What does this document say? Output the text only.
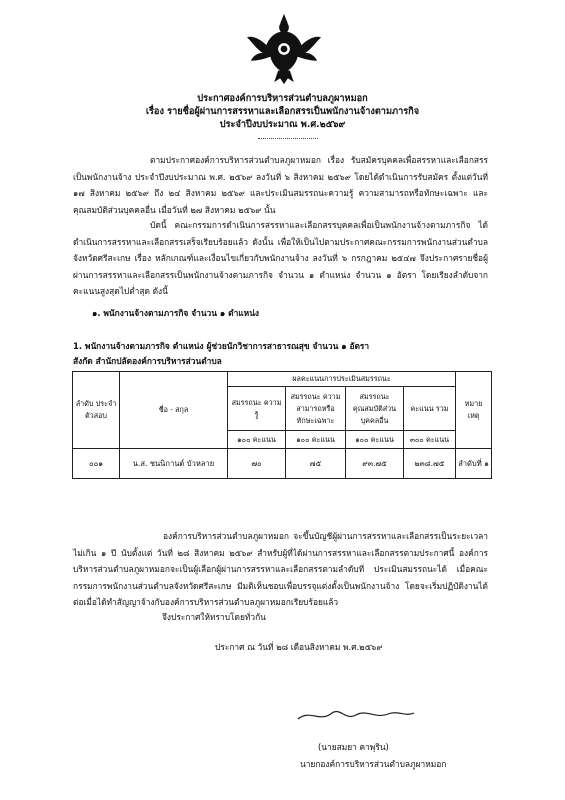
ประกาศองค์การบริหารส่วนตำบลภูผาหมอก
เรื่อง รายชื่อผู้ผ่านการสรรหาและเลือกสรรเป็นพนักงานจ้างตามภารกิจ
ประจำปีงบประมาณ พ.ศ.๒๕๖๙
ตามประกาศองค์การบริหารส่วนตำบลภูผาหมอก เรื่อง รับสมัครบุคคลเพื่อสรรหาและเลือกสรรเป็นพนักงานจ้าง ประจำปีงบประมาณ พ.ศ. ๒๕๖๙ ลงวันที่ ๖ สิงหาคม ๒๕๖๙ โดยได้ดำเนินการรับสมัคร ตั้งแต่วันที่ ๑๗ สิงหาคม ๒๕๖๙ ถึง ๒๔ สิงหาคม ๒๕๖๙ และประเมินสมรรถนะความรู้ ความสามารถหรือทักษะเฉพาะ และคุณสมบัติส่วนบุคคลอื่น เมื่อวันที่ ๒๗ สิงหาคม ๒๕๖๙ นั้น
บัดนี้ คณะกรรมการดำเนินการสรรหาและเลือกสรรบุคคลเพื่อเป็นพนักงานจ้างตามภารกิจ ได้ดำเนินการสรรหาและเลือกสรรเสร็จเรียบร้อยแล้ว ดังนั้น เพื่อให้เป็นไปตามประกาศคณะกรรมการพนักงานส่วนตำบลจังหวัดศรีสะเกษ เรื่อง หลักเกณฑ์และเงื่อนไขเกี่ยวกับพนักงานจ้าง ลงวันที่ ๖ กรกฎาคม ๒๕๔๗ จึงประกาศรายชื่อผู้ผ่านการสรรหาและเลือกสรรเป็นพนักงานจ้างตามภารกิจ จำนวน ๑ ตำแหน่ง จำนวน ๑ อัตรา โดยเรียงลำดับจากคะแนนสูงสุดไปต่ำสุด ดังนี้
๑. พนักงานจ้างตามภารกิจ จำนวน ๑ ตำแหน่ง
1. พนักงานจ้างตามภารกิจ ตำแหน่ง ผู้ช่วยนักวิชาการสาธารณสุข จำนวน ๑ อัตรา
สังกัด สำนักปลัดองค์การบริหารส่วนตำบล
ลำดับ ประจำตัวสอบ	ชื่อ - สกุล	ผลคะแนนการประเมินสมรรถนะ				หมาย เหตุ
		สมรรถนะ ความรู้	สมรรถนะ ความสามารถหรือ ทักษะเฉพาะ	สมรรถนะ คุณสมบัติส่วน บุคคลอื่น	คะแนน รวม	
		๑๐๐ คะแนน	๑๐๐ คะแนน	๑๐๐ คะแนน	๓๐๐ คะแนน	
๐๐๑	น.ส. ชนนิกานต์ บัวหลาย	๗๐	๗๕	๙๓.๗๕	๒๓๘.๗๕	ลำดับที่ ๑
องค์การบริหารส่วนตำบลภูผาหมอก จะขึ้นบัญชีผู้ผ่านการสรรหาและเลือกสรรเป็นระยะเวลาไม่เกิน ๑ ปี นับตั้งแต่ วันที่ ๒๘ สิงหาคม ๒๕๖๙ สำหรับผู้ที่ได้ผ่านการสรรหาและเลือกสรรตามประกาศนี้ องค์การบริหารส่วนตำบลภูผาหมอกจะเป็นผู้เลือกผู้ผ่านการสรรหาและเลือกสรรตามลำดับที่ ประเมินสมรรถนะได้ เมื่อคณะกรรมการพนักงานส่วนตำบลจังหวัดศรีสะเกษ มีมติเห็นชอบเพื่อบรรจุแต่งตั้งเป็นพนักงานจ้าง โดยจะเริ่มปฏิบัติงานได้ต่อเมื่อได้ทำสัญญาจ้างกับองค์การบริหารส่วนตำบลภูผาหมอกเรียบร้อยแล้ว
จึงประกาศให้ทราบโดยทั่วกัน
ประกาศ ณ วันที่ ๒๘ เดือนสิงหาคม พ.ศ.๒๕๖๙
(นายสมยา คาพุริน)
นายกองค์การบริหารส่วนตำบลภูผาหมอก
